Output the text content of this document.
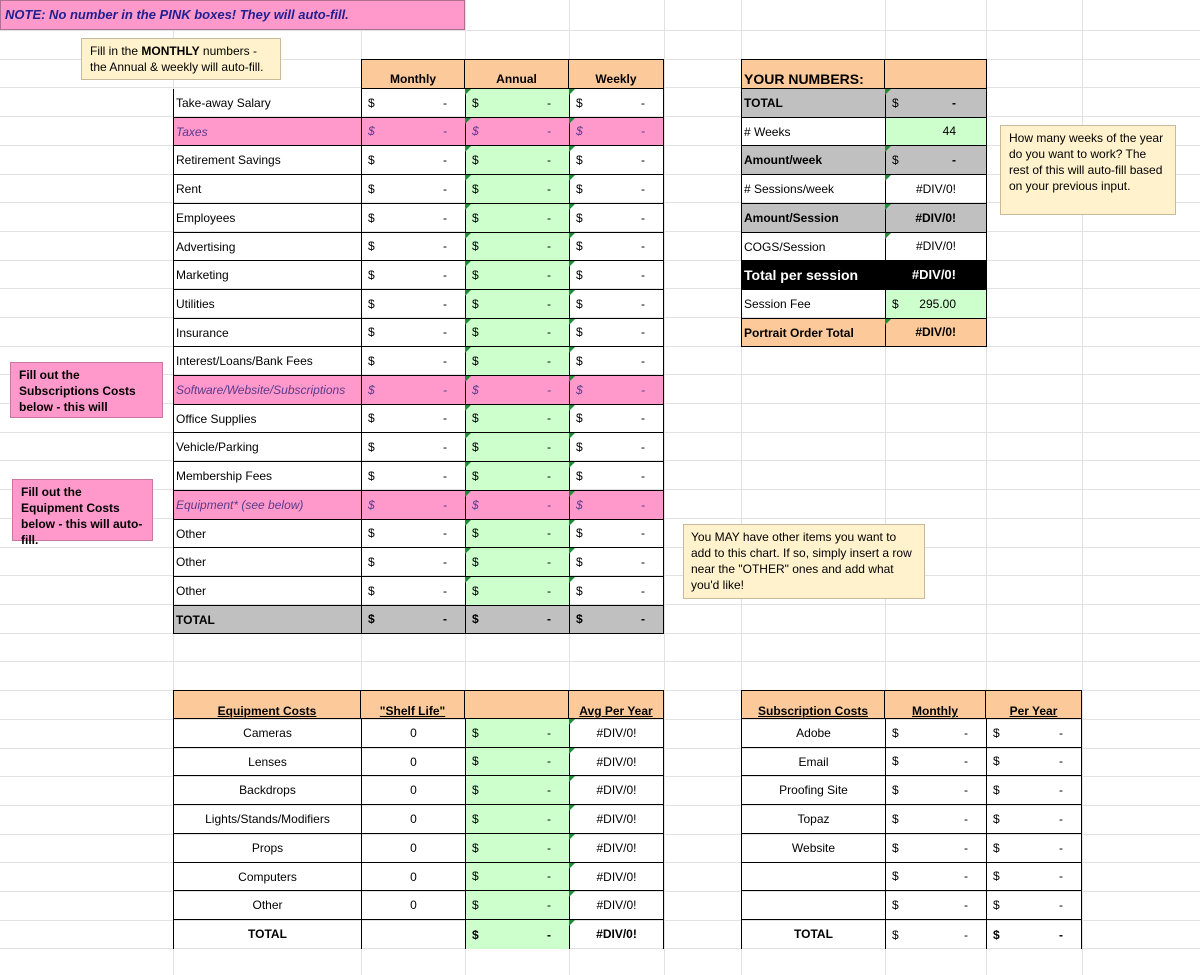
NOTE: No number in the PINK boxes! They will auto-fill.
Fill in the MONTHLY numbers - the Annual & weekly will auto-fill.
Monthly	Annual	Weekly
Take-away Salary	$	- $	- $	-
Taxes	$	- $	- $	-
Retirement Savings	$	- $	- $	-
Rent	$	- $	- $	-
Employees	$	- $	- $	-
Advertising	$	- $	- $	-
Marketing	$	- $	- $	-
Utilities	$	- $	- $	-
Insurance	$	- $	- $	-
Interest/Loans/Bank Fees	$	- $	- $	-
Software/Website/Subscriptions	$	- $	- $	-
Office Supplies	$	- $	- $	-
Vehicle/Parking	$	- $	- $	-
Membership Fees	$	- $	- $	-
Equipment* (see below)	$	- $	- $	-
Other	$	- $	- $	-
Other	$	- $	- $	-
Other	$	- $	- $	-
TOTAL	$	- $	- $	-
YOUR NUMBERS:
TOTAL	$	-
# Weeks	44
Amount/week	$	-
# Sessions/week	#DIV/0!
Amount/Session	#DIV/0!
COGS/Session	#DIV/0!
Total per session	#DIV/0!
Session Fee	$ 295.00
Portrait Order Total	#DIV/0!
How many weeks of the year do you want to work? The rest of this will auto-fill based on your previous input.
Fill out the Subscriptions Costs below - this will
Fill out the Equipment Costs below - this will auto-fill.	You MAY have other items you want to add to this chart. If so, simply insert a row near the "OTHER" ones and add what you'd like!
Equipment Costs	"Shelf Life"	Avg Per Year
Cameras	0	$	-	#DIV/0!
Lenses	0	$	-	#DIV/0!
Backdrops	0	$	-	#DIV/0!
Lights/Stands/Modifiers	0	$	-	#DIV/0!
Props	0	$	-	#DIV/0!
Computers	0	$	-	#DIV/0!
Other	0	$	-	#DIV/0!
TOTAL	$	-	#DIV/0!
Subscription Costs	Monthly	Per Year
Adobe	$	- $	-
Email	$	- $	-
Proofing Site	$	- $	-
Topaz	$	- $	-
Website	$	- $	-
$	- $	-
$	- $	-
TOTAL	$	- $	-
